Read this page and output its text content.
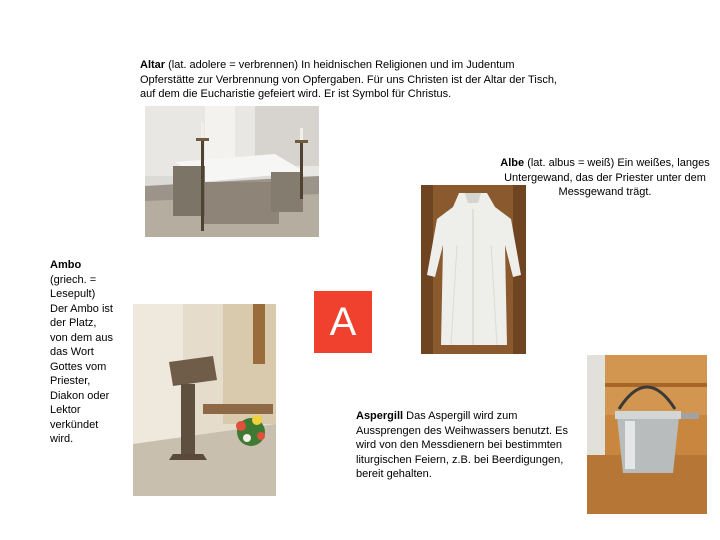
Altar (lat. adolere = verbrennen) In heidnischen Religionen und im Judentum Opferstätte zur Verbrennung von Opfergaben. Für uns Christen ist der Altar der Tisch, auf dem die Eucharistie gefeiert wird. Er ist Symbol für Christus.
Albe (lat. albus = weiß) Ein weißes, langes Untergewand, das der Priester unter dem Messgewand trägt.
Ambo (griech. = Lesepult) Der Ambo ist der Platz, von dem aus das Wort Gottes vom Priester, Diakon oder Lektor verkündet wird.
A
Aspergill Das Aspergill wird zum Aussprengen des Weihwassers benutzt. Es wird von den Messdienern bei bestimmten liturgischen Feiern, z.B. bei Beerdigungen, bereit gehalten.
